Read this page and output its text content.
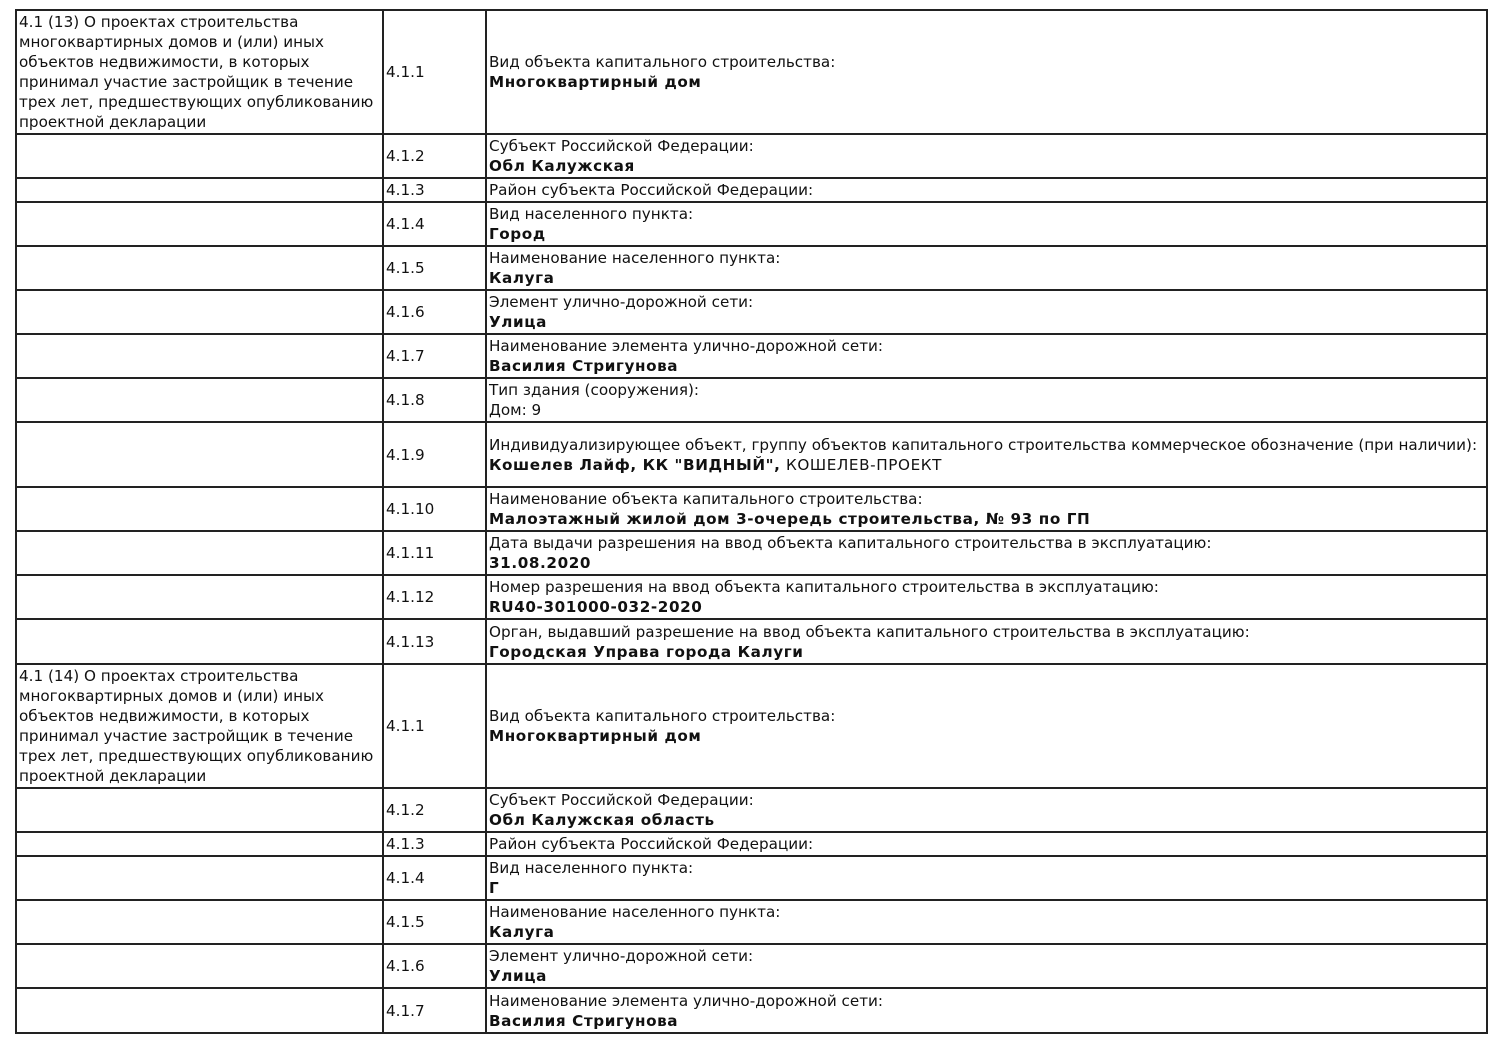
4.1 (13) О проектах строительства многоквартирных домов и (или) иных объектов недвижимости, в которых принимал участие застройщик в течение трех лет, предшествующих опубликованию проектной декларации	4.1.1	Вид объекта капитального строительства:
Многоквартирный дом

	4.1.2	Субъект Российской Федерации:
Обл Калужская

	4.1.3	Район субъекта Российской Федерации:

	4.1.4	Вид населенного пункта:
Город

	4.1.5	Наименование населенного пункта:
Калуга

	4.1.6	Элемент улично-дорожной сети:
Улица

	4.1.7	Наименование элемента улично-дорожной сети:
Василия Стригунова

	4.1.8	Тип здания (сооружения):
Дом: 9

	4.1.9	Индивидуализирующее объект, группу объектов капитального строительства коммерческое обозначение (при наличии):
Кошелев Лайф, КК "ВИДНЫЙ", КОШЕЛЕВ-ПРОЕКТ

	4.1.10	Наименование объекта капитального строительства:
Малоэтажный жилой дом 3-очередь строительства, № 93 по ГП

	4.1.11	Дата выдачи разрешения на ввод объекта капитального строительства в эксплуатацию:
31.08.2020

	4.1.12	Номер разрешения на ввод объекта капитального строительства в эксплуатацию:
RU40-301000-032-2020

	4.1.13	Орган, выдавший разрешение на ввод объекта капитального строительства в эксплуатацию:
Городская Управа города Калуги

4.1 (14) О проектах строительства многоквартирных домов и (или) иных объектов недвижимости, в которых принимал участие застройщик в течение трех лет, предшествующих опубликованию проектной декларации	4.1.1	Вид объекта капитального строительства:
Многоквартирный дом

	4.1.2	Субъект Российской Федерации:
Обл Калужская область

	4.1.3	Район субъекта Российской Федерации:

	4.1.4	Вид населенного пункта:
Г

	4.1.5	Наименование населенного пункта:
Калуга

	4.1.6	Элемент улично-дорожной сети:
Улица

	4.1.7	Наименование элемента улично-дорожной сети:
Василия Стригунова
